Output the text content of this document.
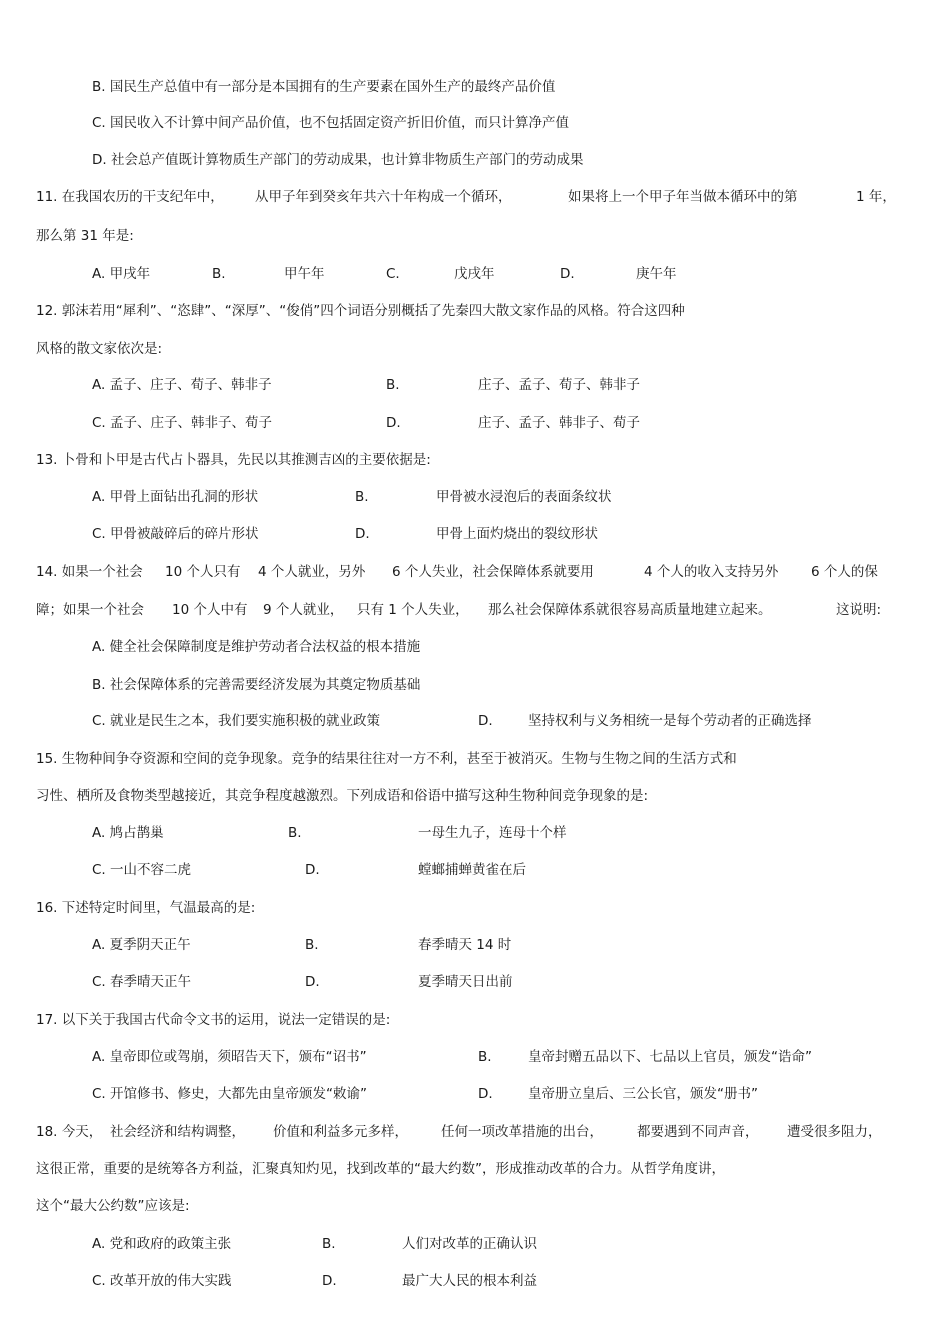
B. 国民生产总值中有一部分是本国拥有的生产要素在国外生产的最终产品价值
C. 国民收入不计算中间产品价值，也不包括固定资产折旧价值，而只计算净产值
D. 社会总产值既计算物质生产部门的劳动成果，也计算非物质生产部门的劳动成果
11. 在我国农历的干支纪年中， 从甲子年到癸亥年共六十年构成一个循环，	如果将上一个甲子年当做本循环中的第	1 年，
那么第 31 年是:
A. 甲戌年	B.	甲午年	C.	戊戌年	D.	庚午年
12. 郭沫若用“犀利”、“恣肆”、“深厚”、“俊俏”四个词语分别概括了先秦四大散文家作品的风格。符合这四种
风格的散文家依次是:
A. 孟子、庄子、荀子、韩非子	B.	庄子、孟子、荀子、韩非子
C. 孟子、庄子、韩非子、荀子	D.	庄子、孟子、韩非子、荀子
13. 卜骨和卜甲是古代占卜器具，先民以其推测吉凶的主要依据是:
A. 甲骨上面钻出孔洞的形状	B.	甲骨被水浸泡后的表面条纹状
C. 甲骨被敲碎后的碎片形状	D.	甲骨上面灼烧出的裂纹形状
14. 如果一个社会 10 个人只有 4 个人就业，另外 6 个人失业，社会保障体系就要用	4 个人的收入支持另外 6 个人的保
障；如果一个社会 10 个人中有 9 个人就业， 只有 1 个人失业， 那么社会保障体系就很容易高质量地建立起来。	这说明:
A. 健全社会保障制度是维护劳动者合法权益的根本措施
B. 社会保障体系的完善需要经济发展为其奠定物质基础
C. 就业是民生之本，我们要实施积极的就业政策	D.	坚持权利与义务相统一是每个劳动者的正确选择
15. 生物种间争夺资源和空间的竞争现象。竞争的结果往往对一方不利，甚至于被消灭。生物与生物之间的生活方式和
习性、栖所及食物类型越接近，其竞争程度越激烈。下列成语和俗语中描写这种生物种间竞争现象的是:
A. 鸠占鹊巢	B.	一母生九子，连母十个样
C. 一山不容二虎	D.	螳螂捕蝉黄雀在后
16. 下述特定时间里，气温最高的是:
A. 夏季阴天正午	B.	春季晴天 14 时
C. 春季晴天正午	D.	夏季晴天日出前
17. 以下关于我国古代命令文书的运用，说法一定错误的是:
A. 皇帝即位或驾崩，须昭告天下，颁布“诏书”	B.	皇帝封赠五品以下、七品以上官员，颁发“诰命”
C. 开馆修书、修史，大都先由皇帝颁发“敕谕”	D.	皇帝册立皇后、三公长官，颁发“册书”
18. 今天， 社会经济和结构调整， 价值和利益多元多样， 任何一项改革措施的出台，	都要遇到不同声音， 遭受很多阻力，
这很正常，重要的是统筹各方利益，汇聚真知灼见，找到改革的“最大约数”，形成推动改革的合力。从哲学角度讲，
这个“最大公约数”应该是:
A. 党和政府的政策主张	B.	人们对改革的正确认识
C. 改革开放的伟大实践	D.	最广大人民的根本利益
